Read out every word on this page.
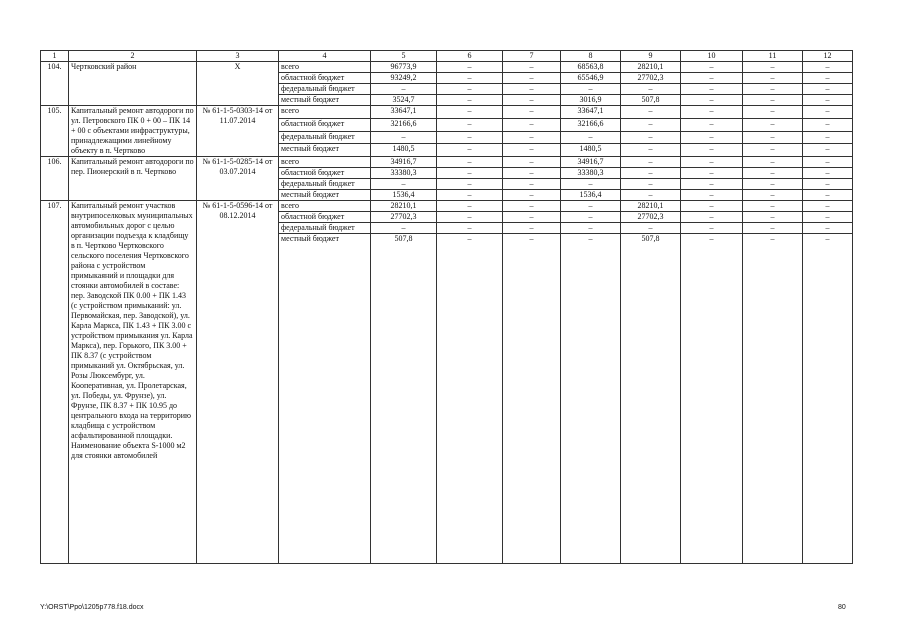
1	2	3	4	5	6	7	8	9	10	11	12
104.	Чертковский район	X	всего	96773,9	–	–	68563,8	28210,1	–	–	–
			областной бюджет	93249,2	–	–	65546,9	27702,3	–	–	–
			федеральный бюджет	–	–	–	–	–	–	–	–
			местный бюджет	3524,7	–	–	3016,9	507,8	–	–	–
105.	Капитальный ремонт автодороги по ул. Петровского ПК 0 + 00 – ПК 14 + 00 с объектами инфраструктуры, принадлежащими линейному объекту в п. Чертково	№ 61-1-5-0303-14 от 11.07.2014	всего	33647,1	–	–	33647,1	–	–	–	–
			областной бюджет	32166,6	–	–	32166,6	–	–	–	–
			федеральный бюджет	–	–	–	–	–	–	–	–
			местный бюджет	1480,5	–	–	1480,5	–	–	–	–
106.	Капитальный ремонт автодороги по пер. Пионерский в п. Чертково	№ 61-1-5-0285-14 от 03.07.2014	всего	34916,7	–	–	34916,7	–	–	–	–
			областной бюджет	33380,3	–	–	33380,3	–	–	–	–
			федеральный бюджет	–	–	–	–	–	–	–	–
			местный бюджет	1536,4	–	–	1536,4	–	–	–	–
107.	Капитальный ремонт участков внутрипоселковых муниципальных автомобильных дорог с целью организации подъезда к кладбищу в п. Чертково Чертковского сельского поселения Чертковского района с устройством примыкаяний и площадки для стоянки автомобилей в составе: пер. Заводской ПК 0.00 + ПК 1.43 (с устройством примыканий: ул. Первомайская, пер. Заводской), ул. Карла Маркса, ПК 1.43 + ПК 3.00 с устройством примыкания ул. Карла Маркса), пер. Горького, ПК 3.00 + ПК 8.37 (с устройством примыканий ул. Октябрьская, ул. Розы Люксембург, ул. Кооперативная, ул. Пролетарская, ул. Победы, ул. Фрунзе), ул. Фрунзе, ПК 8.37 + ПК 10.95 до центрального входа на территорию кладбища с устройством асфальтированной площадки. Наименование объекта S-1000 м2 для стоянки автомобилей	№ 61-1-5-0596-14 от 08.12.2014	всего	28210,1	–	–	–	28210,1	–	–	–
			областной бюджет	27702,3	–	–	–	27702,3	–	–	–
			федеральный бюджет	–	–	–	–	–	–	–	–
			местный бюджет	507,8	–	–	–	507,8	–	–	–
Y:\ORST\Ppo\1205p778.f18.docx	80
